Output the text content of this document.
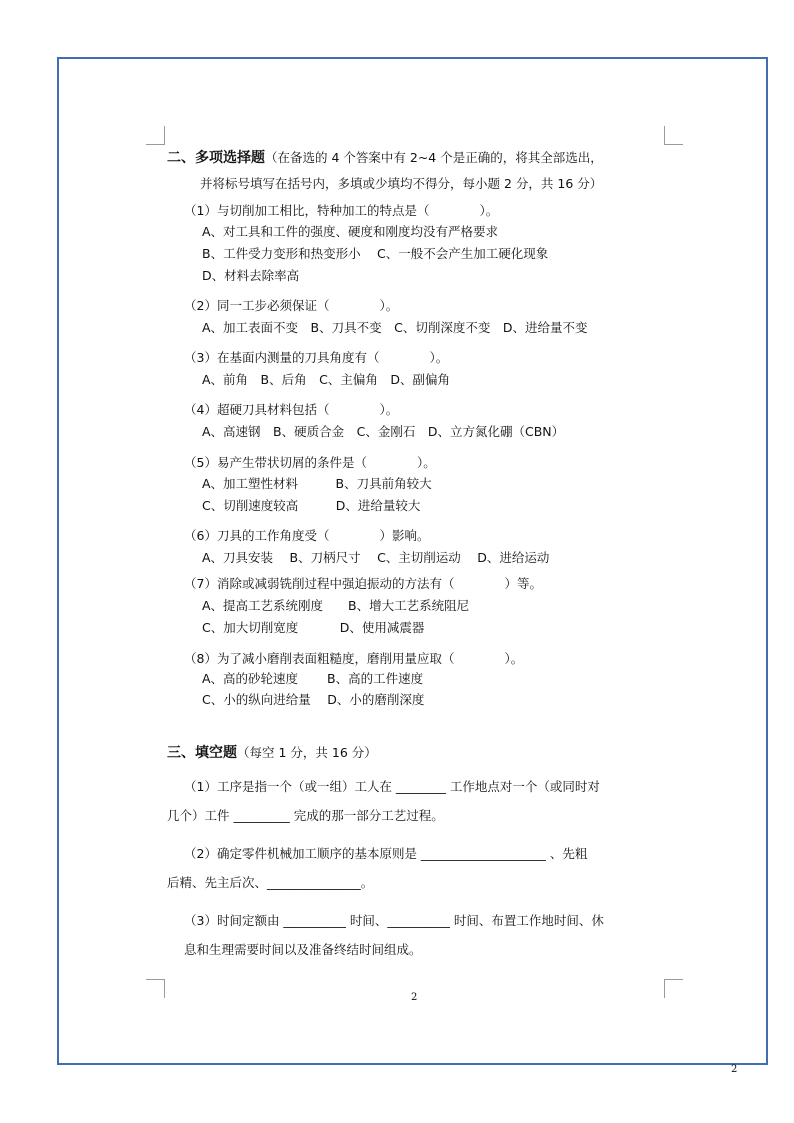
二、多项选择题（在备选的 4 个答案中有 2~4 个是正确的，将其全部选出，
并将标号填写在括号内，多填或少填均不得分，每小题 2 分，共 16 分）
（1）与切削加工相比，特种加工的特点是（　　　　）。
A、对工具和工件的强度、硬度和刚度均没有严格要求
B、工件受力变形和热变形小　 C、一般不会产生加工硬化现象
D、材料去除率高
（2）同一工步必须保证（　　　　）。
A、加工表面不变　B、刀具不变　C、切削深度不变　D、进给量不变
（3）在基面内测量的刀具角度有（　　　　）。
A、前角　B、后角　C、主偏角　D、副偏角
（4）超硬刀具材料包括（　　　　）。
A、高速钢　B、硬质合金　C、金刚石　D、立方氮化硼（CBN）
（5）易产生带状切屑的条件是（　　　　）。
A、加工塑性材料　　　B、刀具前角较大
C、切削速度较高　　　D、进给量较大
（6）刀具的工作角度受（　　　　）影响。
A、刀具安装　 B、刀柄尺寸　 C、主切削运动　 D、进给运动
（7）消除或减弱铣削过程中强迫振动的方法有（　　　　）等。
A、提高工艺系统刚度　　B、增大工艺系统阻尼
C、加大切削宽度　　　 D、使用减震器
（8）为了减小磨削表面粗糙度，磨削用量应取（　　　　）。
A、高的砂轮速度　　 B、高的工件速度
C、小的纵向进给量　 D、小的磨削深度
三、填空题（每空 1 分，共 16 分）
（1）工序是指一个（或一组）工人在 ________ 工作地点对一个（或同时对
几个）工件 _________ 完成的那一部分工艺过程。
（2）确定零件机械加工顺序的基本原则是 ____________________ 、先粗
后精、先主后次、_______________。
（3）时间定额由 __________ 时间、__________ 时间、布置工作地时间、休
息和生理需要时间以及准备终结时间组成。
2
2
